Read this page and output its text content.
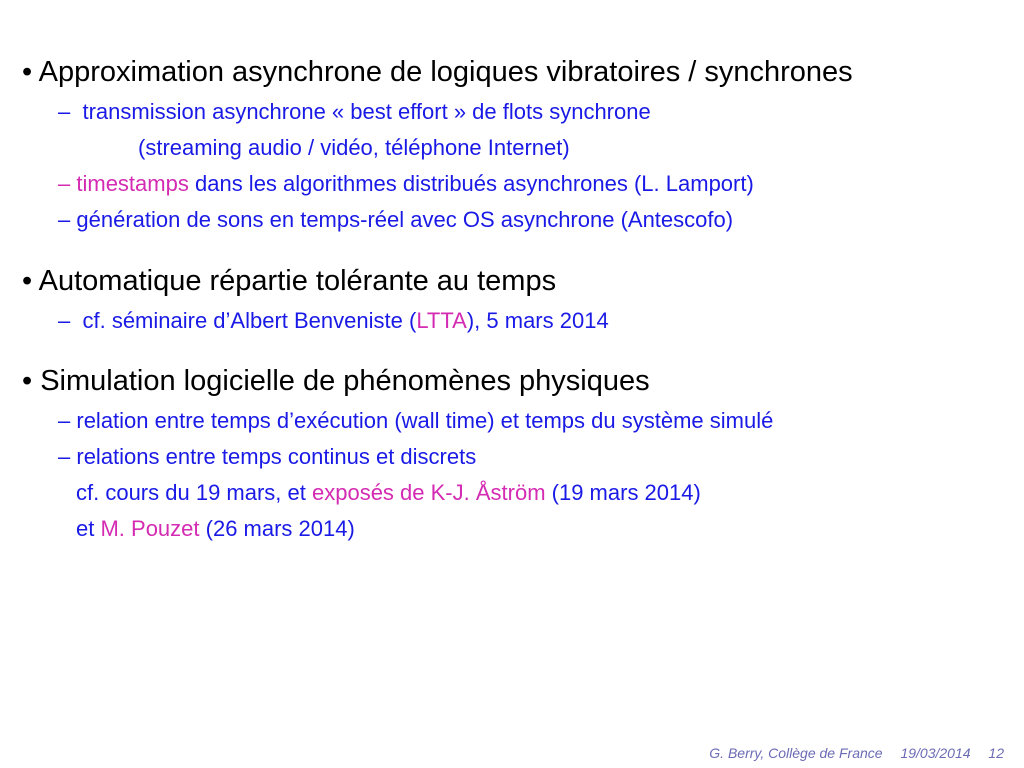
• Approximation asynchrone de logiques vibratoires / synchrones
– transmission asynchrone « best effort » de flots synchrone
(streaming audio / vidéo, téléphone Internet)
– timestamps dans les algorithmes distribués asynchrones (L. Lamport)
– génération de sons en temps-réel avec OS asynchrone (Antescofo)
• Automatique répartie tolérante au temps
– cf. séminaire d’Albert Benveniste (LTTA), 5 mars 2014
• Simulation logicielle de phénomènes physiques
– relation entre temps d’exécution (wall time) et temps du système simulé
– relations entre temps continus et discrets
cf. cours du 19 mars, et exposés de K-J. Åström (19 mars 2014)
et M. Pouzet (26 mars 2014)
G. Berry, Collège de France 19/03/2014 12
